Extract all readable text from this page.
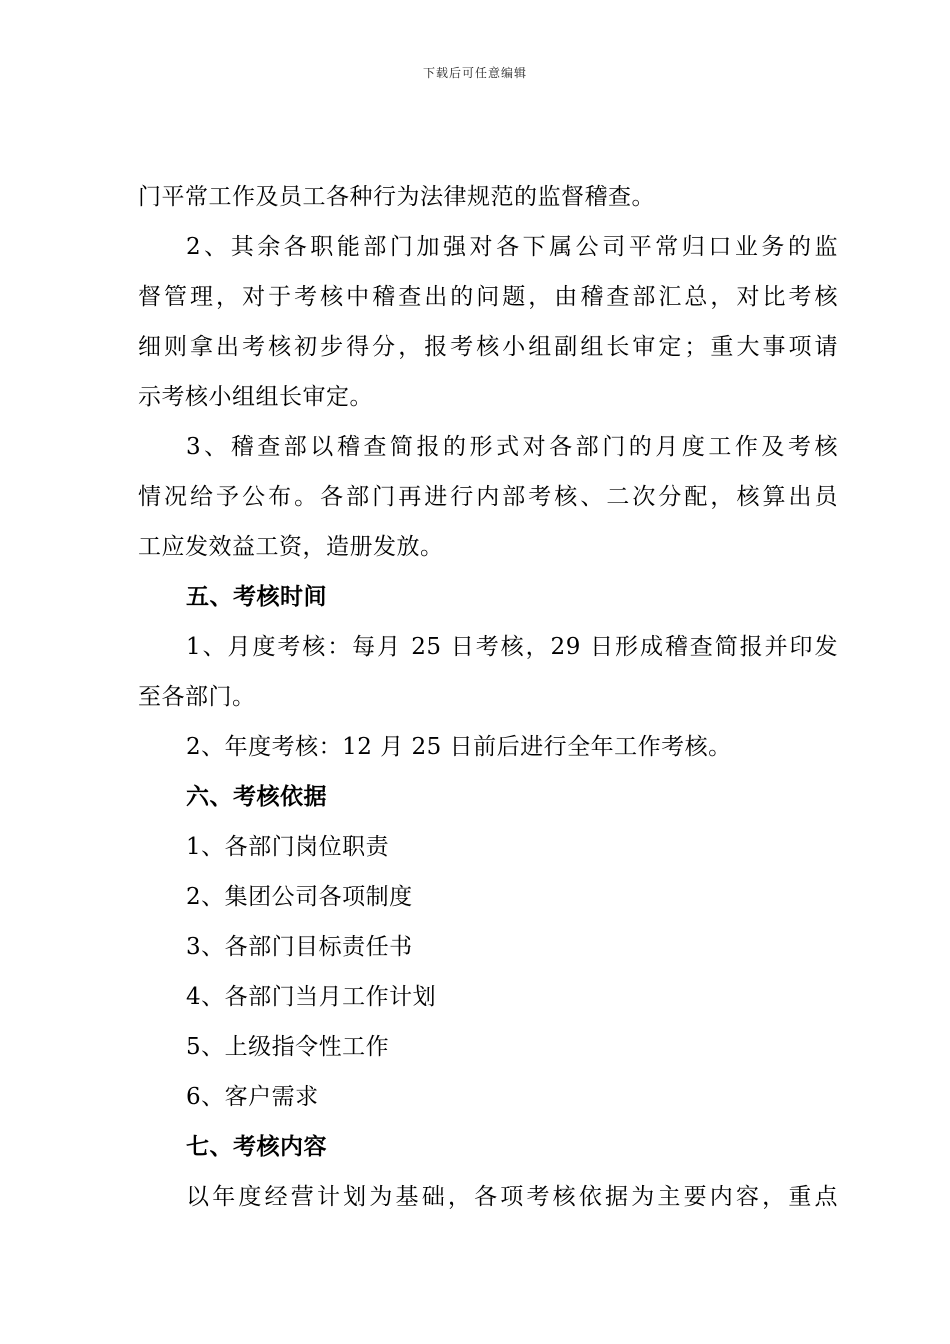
下载后可任意编辑
门平常工作及员工各种行为法律规范的监督稽查。
2、其余各职能部门加强对各下属公司平常归口业务的监
督管理，对于考核中稽查出的问题，由稽查部汇总，对比考核
细则拿出考核初步得分，报考核小组副组长审定；重大事项请
示考核小组组长审定。
3、稽查部以稽查简报的形式对各部门的月度工作及考核
情况给予公布。各部门再进行内部考核、二次分配，核算出员
工应发效益工资，造册发放。
五、考核时间
1、月度考核：每月 25 日考核，29 日形成稽查简报并印发
至各部门。
2、年度考核：12 月 25 日前后进行全年工作考核。
六、考核依据
1、各部门岗位职责
2、集团公司各项制度
3、各部门目标责任书
4、各部门当月工作计划
5、上级指令性工作
6、客户需求
七、考核内容
以年度经营计划为基础，各项考核依据为主要内容，重点
